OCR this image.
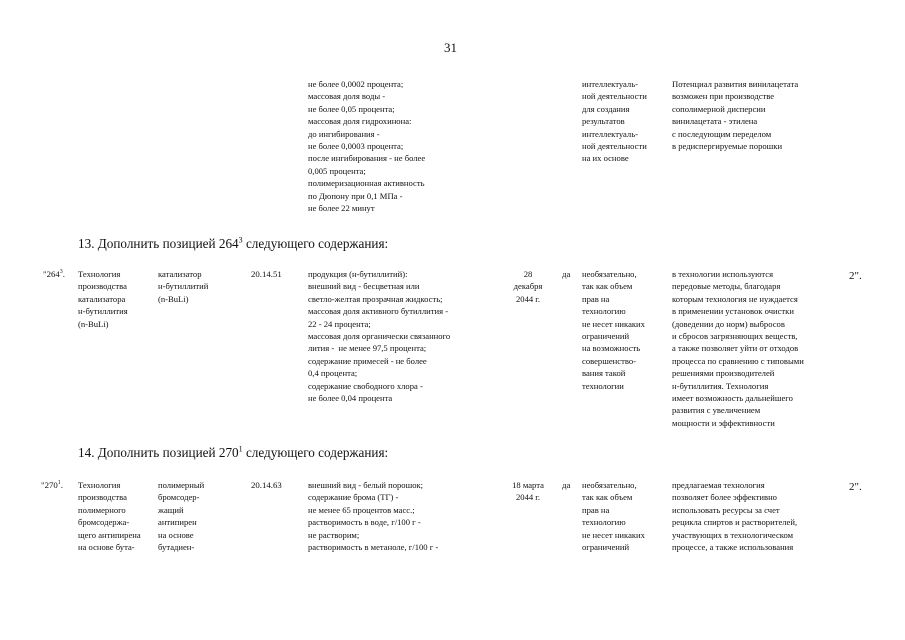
31
не более 0,0002 процента;
массовая доля воды -
не более 0,05 процента;
массовая доля гидрохинона:
до ингибирования -
не более 0,0003 процента;
после ингибирования - не более
0,005 процента;
полимеризационная активность
по Дюпону при 0,1 МПа -
не более 22 минут
интеллектуаль-
ной деятельности
для создания
результатов
интеллектуаль-
ной деятельности
на их основе
Потенциал развития винилацетата
возможен при производстве
сополимерной дисперсии
винилацетата - этилена
с последующим переделом
в редиспергируемые порошки
13. Дополнить позицией $264^3$ следующего содержания:
"$264^3$. Технология
производства
катализатора
н-бутиллития
(n-BuLi)
катализатор
н-бутиллитий
(n-BuLi)
20.14.51	продукция (н-бутиллитий):
внешний вид - бесцветная или
светло-желтая прозрачная жидкость;
массовая доля активного бутиллития -
22 - 24 процента;
массовая доля органически связанного
лития -  не менее 97,5 процента;
содержание примесей - не более
0,4 процента;
содержание свободного хлора -
не более 0,04 процента
28
декабря
2044 г.
да необязательно,
так как объем
прав на
технологию
не несет никаких
ограничений
на возможность
совершенство-
вания такой
технологии
в технологии используются
передовые методы, благодаря
которым технология не нуждается
в применении установок очистки
(доведении до норм) выбросов
и сбросов загрязняющих веществ,
а также позволяет уйти от отходов
процесса по сравнению с типовыми
решениями производителей
н-бутиллития. Технология
имеет возможность дальнейшего
развития с увеличением
мощности и эффективности
2".
14. Дополнить позицией $270^1$ следующего содержания:
"$270^1$. Технология
производства
полимерного
бромсодержа-
щего антипирена
на основе бута-
полимерный
бромсодер-
жащий
антипирен
на основе
бутадиен-
20.14.63	внешний вид - белый порошок;
содержание брома (ТГ) -
не менее 65 процентов масс.;
растворимость в воде, г/100 г -
не растворим;
растворимость в метаноле, г/100 г -
18 марта
2044 г.
да необязательно,
так как объем
прав на
технологию
не несет никаких
ограничений
предлагаемая технология
позволяет более эффективно
использовать ресурсы за счет
рецикла спиртов и растворителей,
участвующих в технологическом
процессе, а также использования
2".
